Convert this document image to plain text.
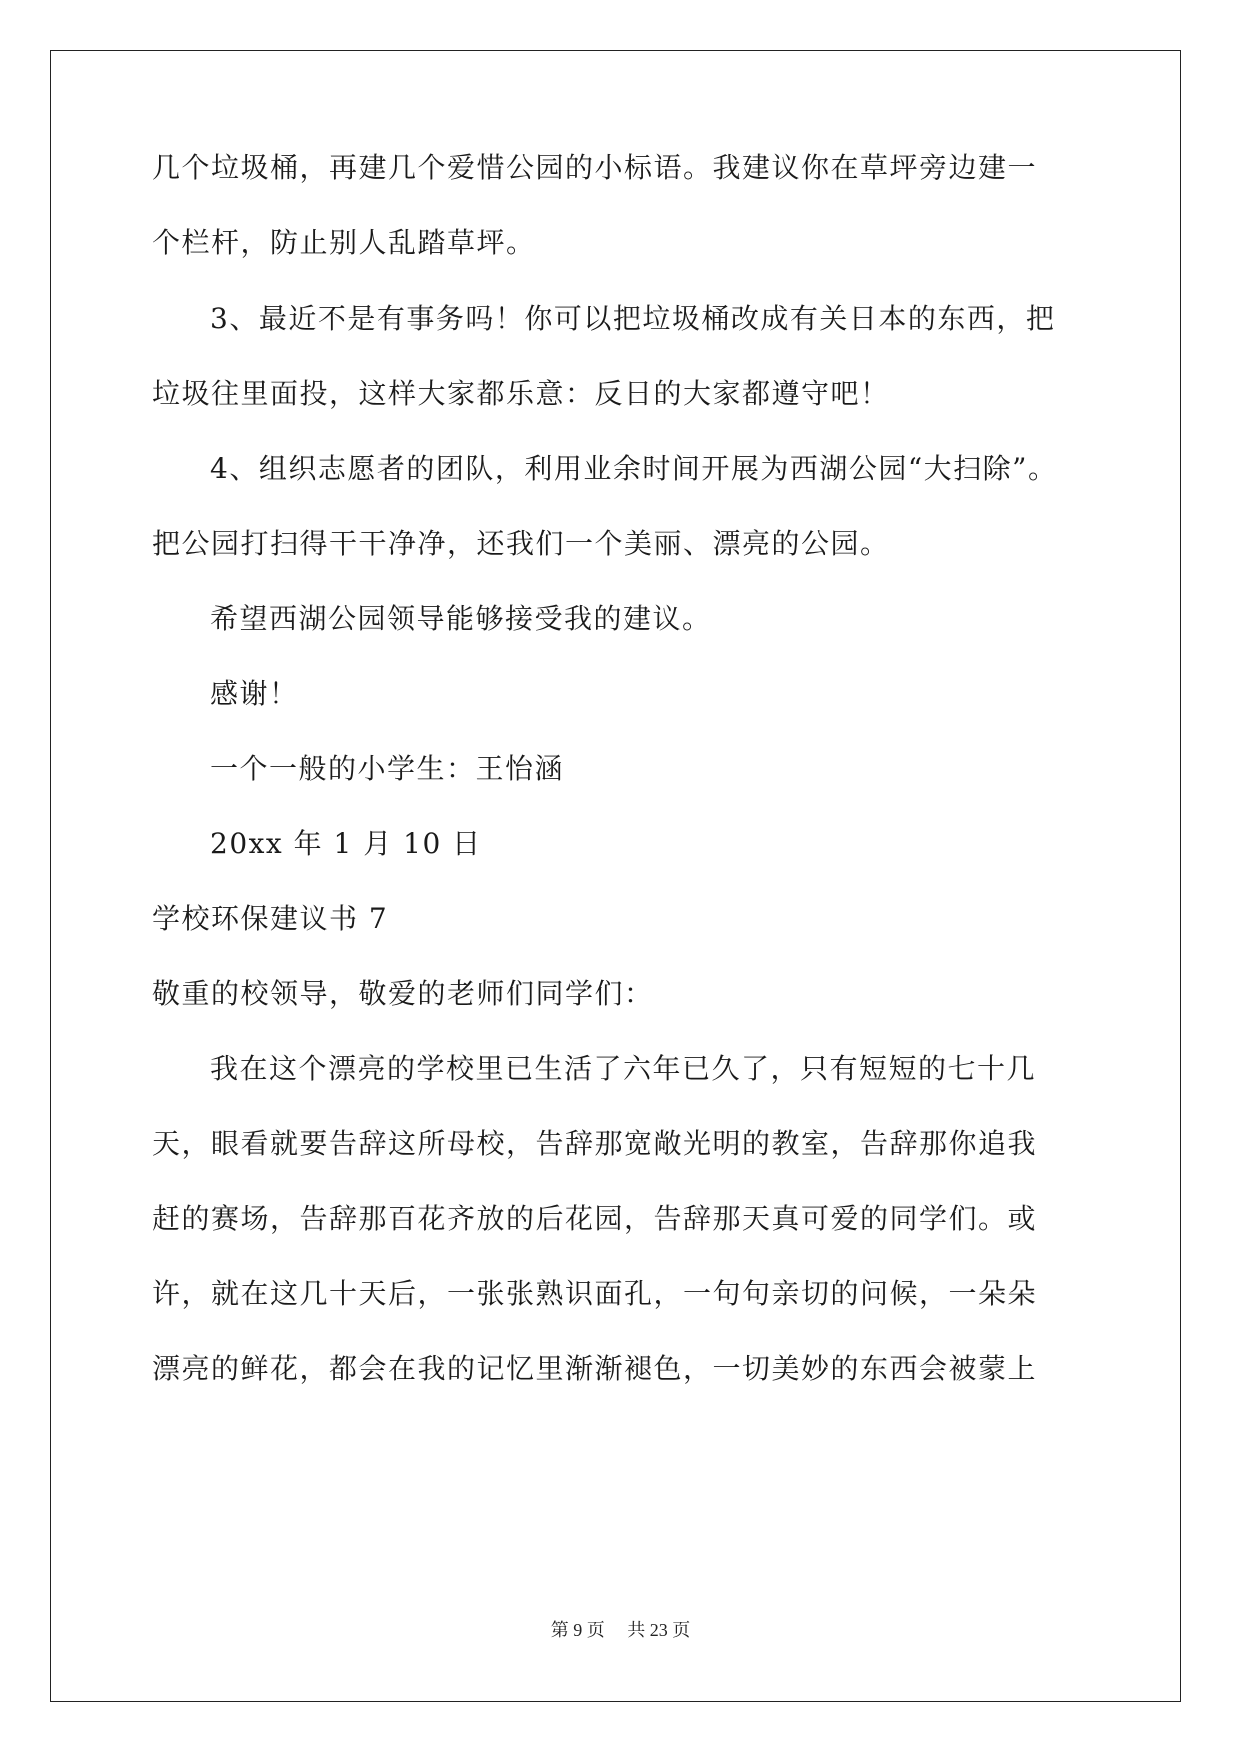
几个垃圾桶，再建几个爱惜公园的小标语。我建议你在草坪旁边建一
个栏杆，防止别人乱踏草坪。
3、最近不是有事务吗！你可以把垃圾桶改成有关日本的东西，把
垃圾往里面投，这样大家都乐意：反日的大家都遵守吧！
4、组织志愿者的团队，利用业余时间开展为西湖公园“大扫除”。
把公园打扫得干干净净，还我们一个美丽、漂亮的公园。
希望西湖公园领导能够接受我的建议。
感谢！
一个一般的小学生：王怡涵
20xx 年 1 月 10 日
学校环保建议书 7
敬重的校领导，敬爱的老师们同学们：
我在这个漂亮的学校里已生活了六年已久了，只有短短的七十几
天，眼看就要告辞这所母校，告辞那宽敞光明的教室，告辞那你追我
赶的赛场，告辞那百花齐放的后花园，告辞那天真可爱的同学们。或
许，就在这几十天后，一张张熟识面孔，一句句亲切的问候，一朵朵
漂亮的鲜花，都会在我的记忆里渐渐褪色，一切美妙的东西会被蒙上
第 9 页 共 23 页
